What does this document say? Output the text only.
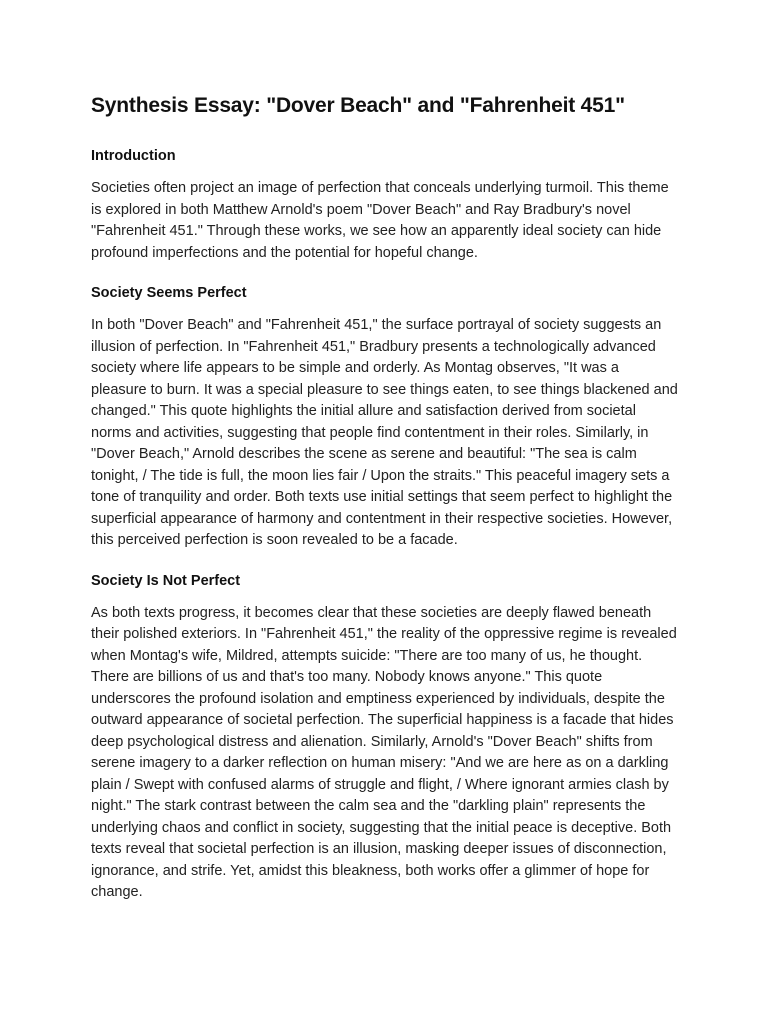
Synthesis Essay: "Dover Beach" and "Fahrenheit 451"
Introduction

Societies often project an image of perfection that conceals underlying turmoil. This theme is explored in both Matthew Arnold's poem "Dover Beach" and Ray Bradbury's novel "Fahrenheit 451." Through these works, we see how an apparently ideal society can hide profound imperfections and the potential for hopeful change.

Society Seems Perfect

In both "Dover Beach" and "Fahrenheit 451," the surface portrayal of society suggests an illusion of perfection. In "Fahrenheit 451," Bradbury presents a technologically advanced society where life appears to be simple and orderly. As Montag observes, "It was a pleasure to burn. It was a special pleasure to see things eaten, to see things blackened and changed." This quote highlights the initial allure and satisfaction derived from societal norms and activities, suggesting that people find contentment in their roles. Similarly, in "Dover Beach," Arnold describes the scene as serene and beautiful: "The sea is calm tonight, / The tide is full, the moon lies fair / Upon the straits." This peaceful imagery sets a tone of tranquility and order. Both texts use initial settings that seem perfect to highlight the superficial appearance of harmony and contentment in their respective societies. However, this perceived perfection is soon revealed to be a facade.

Society Is Not Perfect

As both texts progress, it becomes clear that these societies are deeply flawed beneath their polished exteriors. In "Fahrenheit 451," the reality of the oppressive regime is revealed when Montag's wife, Mildred, attempts suicide: "There are too many of us, he thought. There are billions of us and that's too many. Nobody knows anyone." This quote underscores the profound isolation and emptiness experienced by individuals, despite the outward appearance of societal perfection. The superficial happiness is a facade that hides deep psychological distress and alienation. Similarly, Arnold's "Dover Beach" shifts from serene imagery to a darker reflection on human misery: "And we are here as on a darkling plain / Swept with confused alarms of struggle and flight, / Where ignorant armies clash by night." The stark contrast between the calm sea and the "darkling plain" represents the underlying chaos and conflict in society, suggesting that the initial peace is deceptive. Both texts reveal that societal perfection is an illusion, masking deeper issues of disconnection, ignorance, and strife. Yet, amidst this bleakness, both works offer a glimmer of hope for change.
